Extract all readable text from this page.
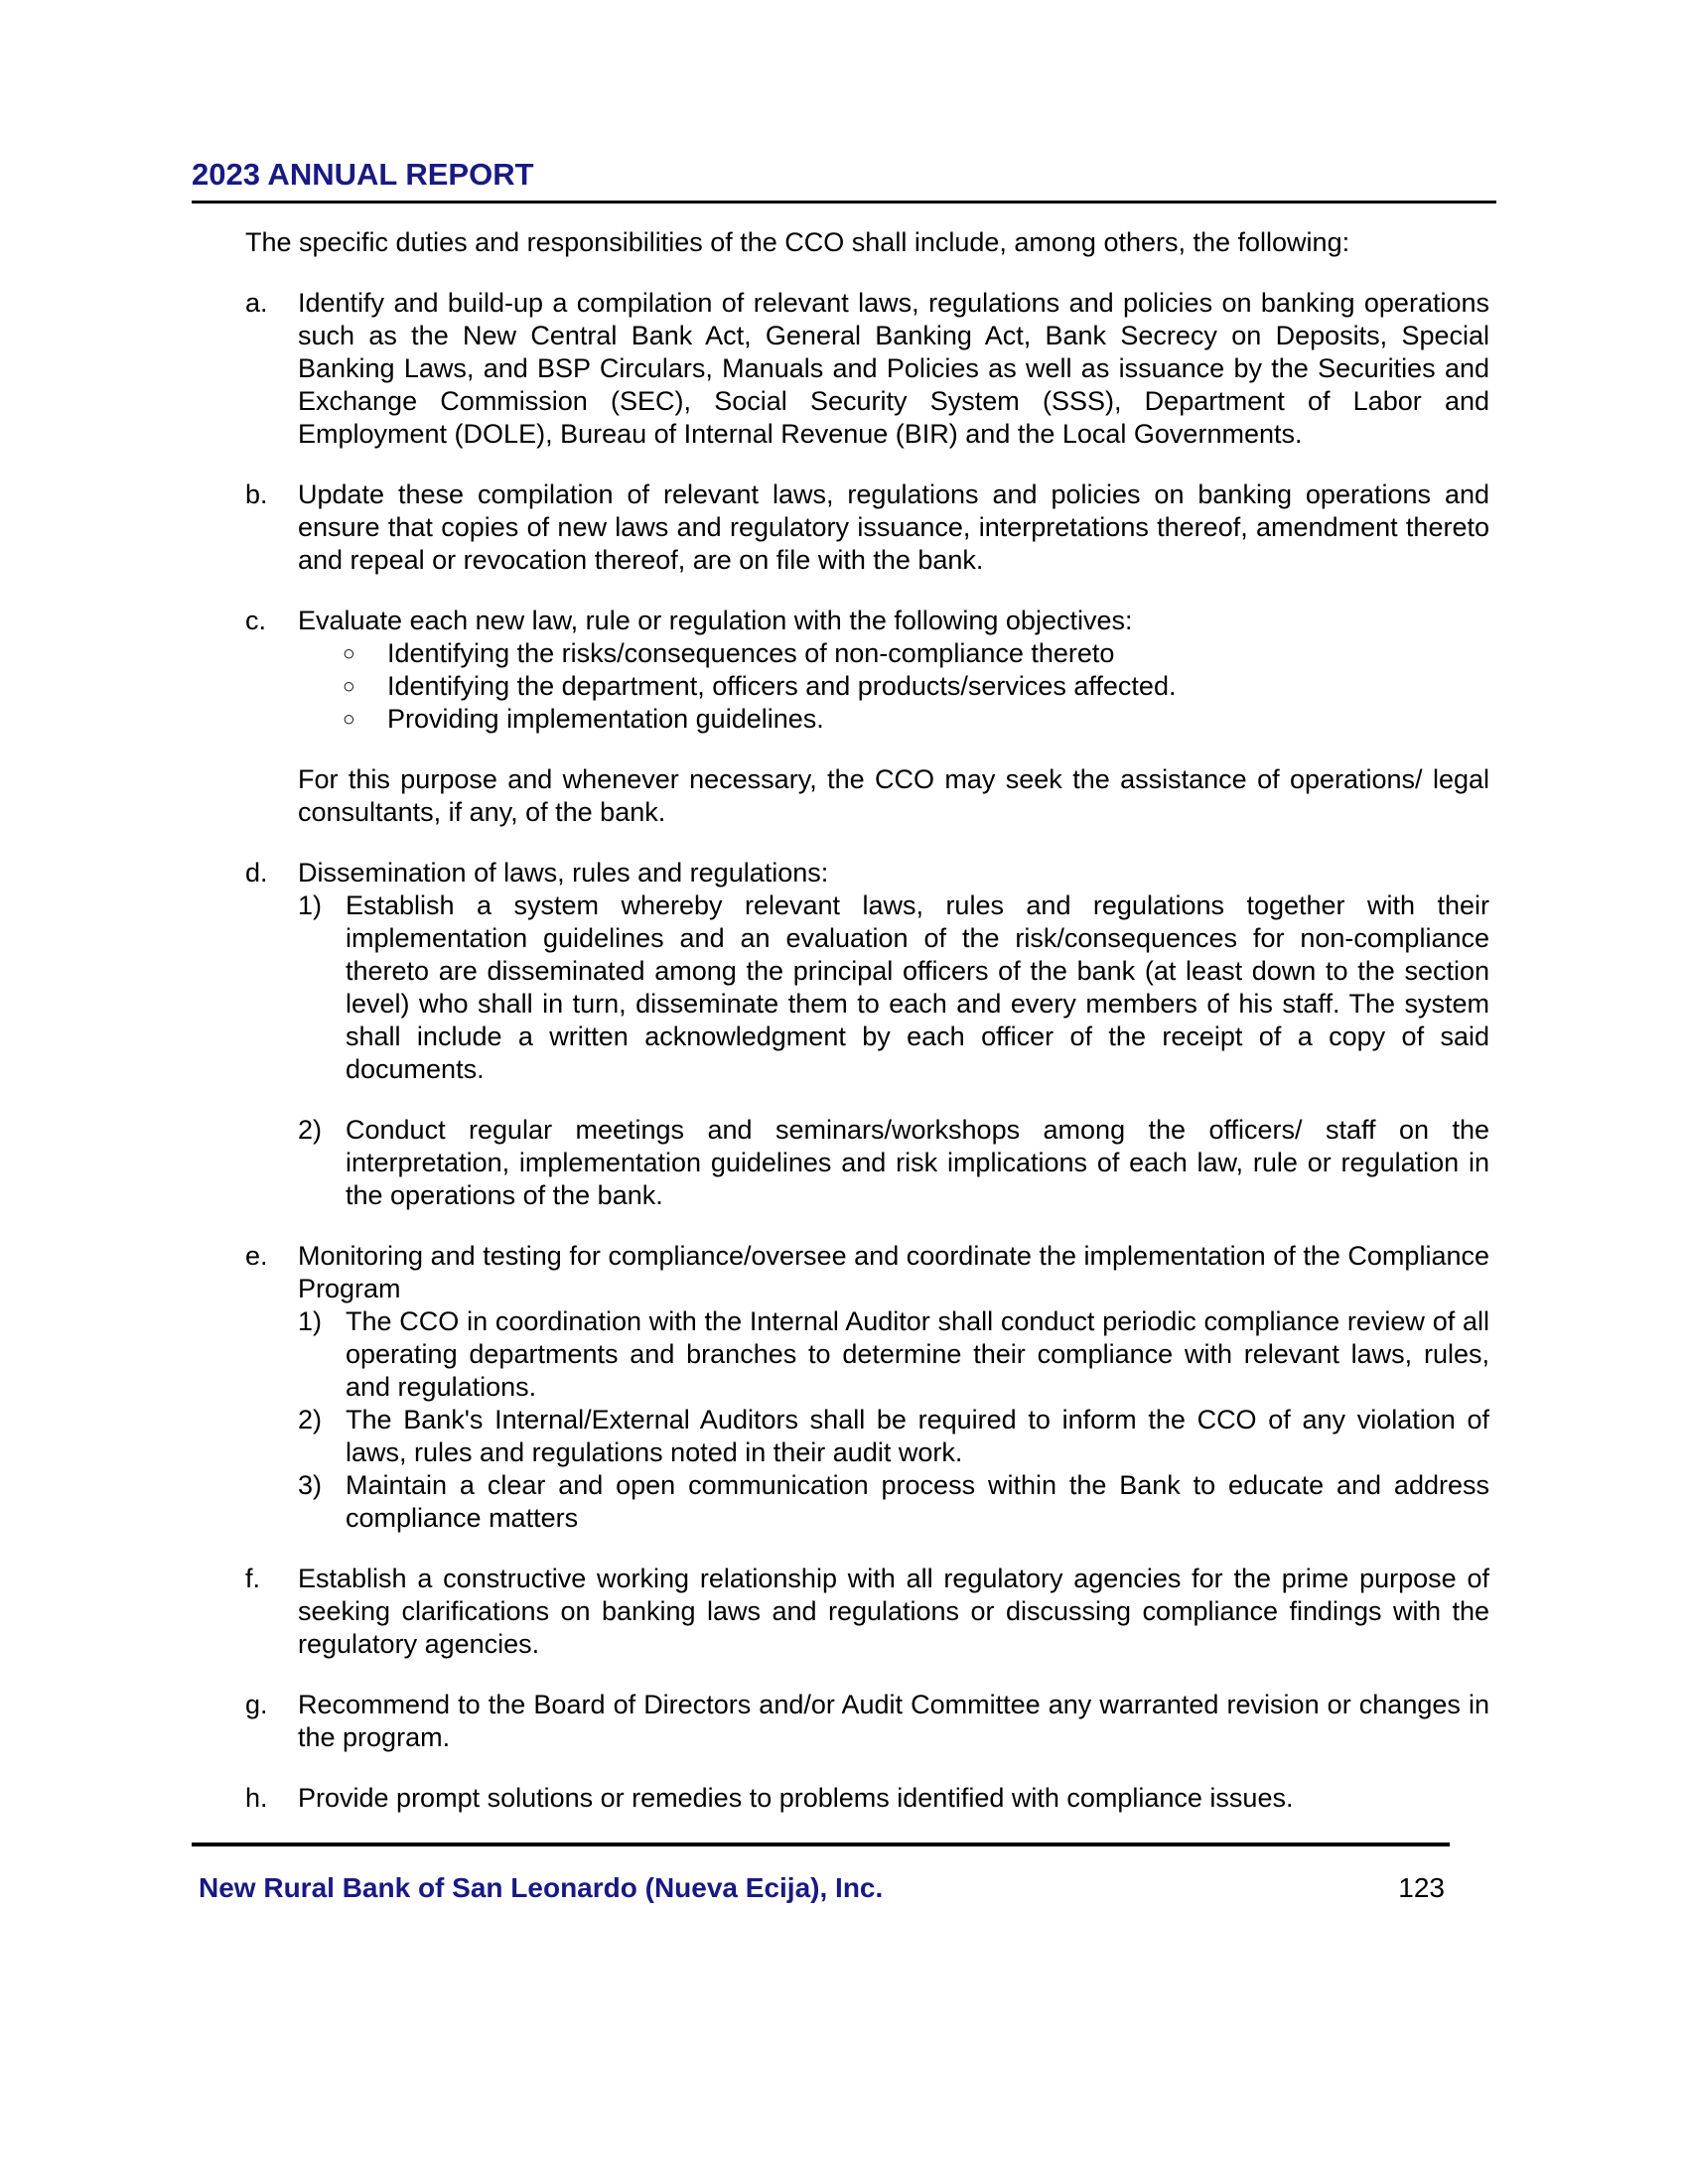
2023 ANNUAL REPORT

The specific duties and responsibilities of the CCO shall include, among others, the following:

a.	Identify and build-up a compilation of relevant laws, regulations and policies on banking operations such as the New Central Bank Act, General Banking Act, Bank Secrecy on Deposits, Special Banking Laws, and BSP Circulars, Manuals and Policies as well as issuance by the Securities and Exchange Commission (SEC), Social Security System (SSS), Department of Labor and Employment (DOLE), Bureau of Internal Revenue (BIR) and the Local Governments.

b.	Update these compilation of relevant laws, regulations and policies on banking operations and ensure that copies of new laws and regulatory issuance, interpretations thereof, amendment thereto and repeal or revocation thereof, are on file with the bank.

c.	Evaluate each new law, rule or regulation with the following objectives:

○	Identifying the risks/consequences of non-compliance thereto
○	Identifying the department, officers and products/services affected.
○	Providing implementation guidelines.

For this purpose and whenever necessary, the CCO may seek the assistance of operations/ legal consultants, if any, of the bank.

d.	Dissemination of laws, rules and regulations:

1) Establish a system whereby relevant laws, rules and regulations together with their implementation guidelines and an evaluation of the risk/consequences for non-compliance thereto are disseminated among the principal officers of the bank (at least down to the section level) who shall in turn, disseminate them to each and every members of his staff. The system shall include a written acknowledgment by each officer of the receipt of a copy of said documents.
2) Conduct regular meetings and seminars/workshops among the officers/ staff on the interpretation, implementation guidelines and risk implications of each law, rule or regulation in the operations of the bank.
e.	Monitoring and testing for compliance/oversee and coordinate the implementation of the Compliance Program

1) The CCO in coordination with the Internal Auditor shall conduct periodic compliance review of all operating departments and branches to determine their compliance with relevant laws, rules, and regulations.
2) The Bank's Internal/External Auditors shall be required to inform the CCO of any violation of laws, rules and regulations noted in their audit work.
3) Maintain a clear and open communication process within the Bank to educate and address compliance matters
f.	Establish a constructive working relationship with all regulatory agencies for the prime purpose of seeking clarifications on banking laws and regulations or discussing compliance findings with the regulatory agencies.

g.	Recommend to the Board of Directors and/or Audit Committee any warranted revision or changes in the program.

h.	Provide prompt solutions or remedies to problems identified with compliance issues.

New Rural Bank of San Leonardo (Nueva Ecija), Inc.	123
